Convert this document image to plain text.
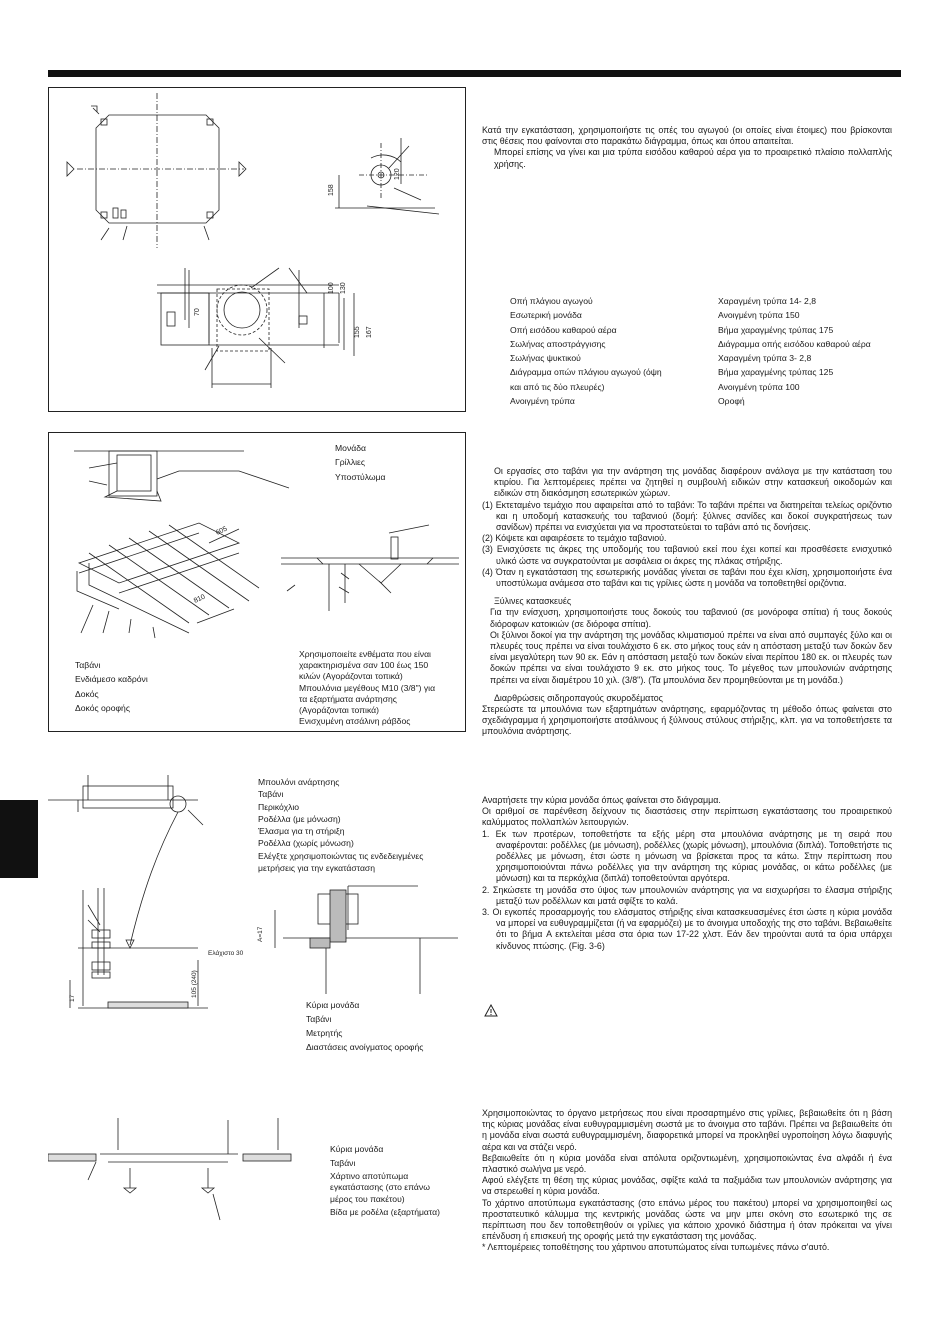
158
120
100 130
70
155 167

Κατά την εγκατάσταση, χρησιμοποιήστε τις οπές του αγωγού (οι οποίες είναι έτοιμες) που βρίσκονται στις θέσεις που φαίνονται στο παρακάτω διάγραμμα, όπως και όπου απαιτείται.

Μπορεί επίσης να γίνει και μια τρύπα εισόδου καθαρού αέρα για το προαιρετικό πλαίσιο πολλαπλής χρήσης.

Οπή πλάγιου αγωγού
Εσωτερική μονάδα
Οπή εισόδου καθαρού αέρα
Σωλήνας αποστράγγισης
Σωλήνας ψυκτικού
Διάγραμμα οπών πλάγιου αγωγού (όψη
και από τις δύο πλευρές)
Ανοιγμένη τρύπα
Χαραγμένη τρύπα 14- 2,8
Ανοιγμένη τρύπα 150
Βήμα χαραγμένης τρύπας 175
Διάγραμμα οπής εισόδου καθαρού αέρα
Χαραγμένη τρύπα 3- 2,8
Βήμα χαραγμένης τρύπας 125
Ανοιγμένη τρύπα 100
Οροφή
605
810
Μονάδα
Γρίλλιες
Υποστύλωμα
Ταβάνι
Ενδιάμεσο καδρόνι
Δοκός
Δοκός οροφής
Χρησιμοποιείτε ενθέματα που είναι
χαρακτηρισμένα σαν 100 έως 150
κιλών (Αγοράζονται τοπικά)
Μπουλόνια μεγέθους M10 (3/8") για
τα εξαρτήματα ανάρτησης
(Αγοράζονται τοπικά)
Ενισχυμένη ατσάλινη ράβδος

Οι εργασίες στο ταβάνι για την ανάρτηση της μονάδας διαφέρουν ανάλογα με την κατάσταση του κτιρίου. Για λεπτομέρειες πρέπει να ζητηθεί η συμβουλή ειδικών στην κατασκευή οικοδομών και ειδικών στη διακόσμηση εσωτερικών χώρων.

(1) Εκτεταμένο τεμάχιο που αφαιρείται από το ταβάνι: Το ταβάνι πρέπει να διατηρείται τελείως οριζόντιο και η υποδομή κατασκευής του ταβανιού (δομή: ξύλινες σανίδες και δοκοί συγκρατήσεως των σανίδων) πρέπει να ενισχύεται για να προστατεύεται το ταβάνι από τις δονήσεις.

(2) Κόψετε και αφαιρέσετε το τεμάχιο ταβανιού.

(3) Ενισχύσετε τις άκρες της υποδομής του ταβανιού εκεί που έχει κοπεί και προσθέσετε ενισχυτικό υλικό ώστε να συγκρατούνται με ασφάλεια οι άκρες της πλάκας στήριξης.

(4) Όταν η εγκατάσταση της εσωτερικής μονάδας γίνεται σε ταβάνι που έχει κλίση, χρησιμοποιήστε ένα υποστύλωμα ανάμεσα στο ταβάνι και τις γρίλιες ώστε η μονάδα να τοποθετηθεί οριζόντια.

Ξύλινες κατασκευές

Για την ενίσχυση, χρησιμοποιήστε τους δοκούς του ταβανιού (σε μονόροφα σπίτια) ή τους δοκούς διόροφων κατοικιών (σε διόροφα σπίτια).

Οι ξύλινοι δοκοί για την ανάρτηση της μονάδας κλιματισμού πρέπει να είναι από συμπαγές ξύλο και οι πλευρές τους πρέπει να είναι τουλάχιστο 6 εκ. στο μήκος τους εάν η απόσταση μεταξύ των δοκών δεν είναι μεγαλύτερη των 90 εκ. Εάν η απόσταση μεταξύ των δοκών είναι περίπου 180 εκ. οι πλευρές των δοκών πρέπει να είναι τουλάχιστο 9 εκ. στο μήκος τους. Το μέγεθος των μπουλονιών ανάρτησης πρέπει να είναι διαμέτρου 10 χιλ. (3/8"). (Τα μπουλόνια δεν προμηθεύονται με τη μονάδα.)

Διαρθρώσεις σιδηροπαγούς σκυροδέματος

Στερεώστε τα μπουλόνια των εξαρτημάτων ανάρτησης, εφαρμόζοντας τη μέθοδο όπως φαίνεται στο σχεδιάγραμμα ή χρησιμοποιήστε ατσάλινους ή ξύλινους στύλους στήριξης, κλπ. για να τοποθετήσετε τα μπουλόνια ανάρτησης.

Ελάχιστο 30
105 (240)
17
A=17
Μπουλόνι ανάρτησης
Ταβάνι
Περικόχλιο
Ροδέλλα (με μόνωση)
Έλασμα για τη στήριξη
Ροδέλλα (χωρίς μόνωση)
Ελέγξτε χρησιμοποιώντας τις ενδεδειγμένες
μετρήσεις για την εγκατάσταση
Κύρια μονάδα
Ταβάνι
Μετρητής
Διαστάσεις ανοίγματος οροφής

Αναρτήσετε την κύρια μονάδα όπως φαίνεται στο διάγραμμα.

Οι αριθμοί σε παρένθεση δείχνουν τις διαστάσεις στην περίπτωση εγκατάστασης του προαιρετικού καλύμματος πολλαπλών λειτουργιών.

1. Εκ των προτέρων, τοποθετήστε τα εξής μέρη στα μπουλόνια ανάρτησης με τη σειρά που αναφέρονται: ροδέλλες (με μόνωση), ροδέλλες (χωρίς μόνωση), μπουλόνια (διπλά). Τοποθετήστε τις ροδέλλες με μόνωση, έτσι ώστε η μόνωση να βρίσκεται προς τα κάτω. Στην περίπτωση που χρησιμοποιούνται πάνω ροδέλλες για την ανάρτηση της κύριας μονάδας, οι κάτω ροδέλλες (με μόνωση) και τα περκόχλια (διπλά) τοποθετούνται αργότερα.

2. Σηκώσετε τη μονάδα στο ύψος των μπουλονιών ανάρτησης για να εισχωρήσει το έλασμα στήριξης μεταξύ των ροδέλλων και ματά σφίξτε το καλά.

3. Οι εγκοπές προσαρμογής του ελάσματος στήριξης είναι κατασκευασμένες έτσι ώστε η κύρια μονάδα να μπορεί να ευθυγραμμίζεται (ή να εφαρμόζει) με το άνοιγμα υποδοχής της στο ταβάνι. Βεβαιωθείτε ότι το βήμα A εκτελείται μέσα στα όρια των 17-22 χλστ. Εάν δεν τηρούνται αυτά τα όρια υπάρχει κίνδυνος πτώσης. (Fig. 3-6)

Κύρια μονάδα
Ταβάνι
Χάρτινο αποτύπωμα
εγκατάστασης (στο επάνω
μέρος του πακέτου)
Βίδα με ροδέλα (εξαρτήματα)

Χρησιμοποιώντας το όργανο μετρήσεως που είναι προσαρτημένο στις γρίλιες, βεβαιωθείτε ότι η βάση της κύριας μονάδας είναι ευθυγραμμισμένη σωστά με το άνοιγμα στο ταβάνι. Πρέπει να βεβαιωθείτε ότι η μονάδα είναι σωστά ευθυγραμμισμένη, διαφορετικά μπορεί να προκληθεί υγροποίηση λόγω διαφυγής αέρα και να στάζει νερό.

Βεβαιωθείτε ότι η κύρια μονάδα είναι απόλυτα οριζοντιωμένη, χρησιμοποιώντας ένα αλφάδι ή ένα πλαστικό σωλήνα με νερό.

Αφού ελέγξετε τη θέση της κύριας μονάδας, σφίξτε καλά τα παξιμάδια των μπουλονιών ανάρτησης για να στερεωθεί η κύρια μονάδα.

Το χάρτινο αποτύπωμα εγκατάστασης (στο επάνω μέρος του πακέτου) μπορεί να χρησιμοποιηθεί ως προστατευτικό κάλυμμα της κεντρικής μονάδας ώστε να μην μπει σκόνη στο εσωτερικό της σε περίπτωση που δεν τοποθετηθούν οι γρίλιες για κάποιο χρονικό διάστημα ή όταν πρόκειται να γίνει επένδυση ή επισκευή της οροφής μετά την εγκατάσταση της μονάδας.

* Λεπτομέρειες τοποθέτησης του χάρτινου αποτυπώματος είναι τυπωμένες πάνω σ'αυτό.
